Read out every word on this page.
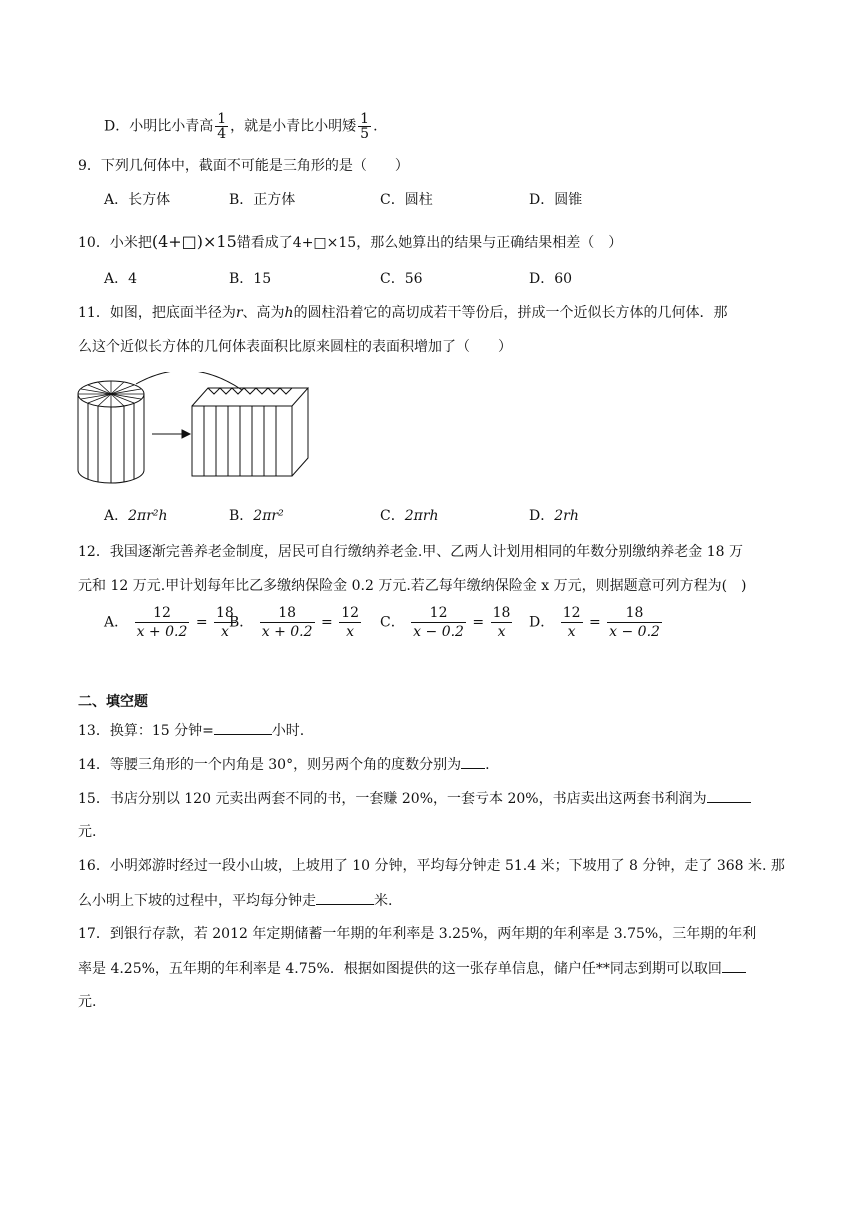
D．小明比小青高 $\frac{1}{4}$ ，就是小青比小明矮 $\frac{1}{5}$ .
9．下列几何体中，截面不可能是三角形的是（　　）
A．长方体	B．正方体	C．圆柱	D．圆锥
10．小米把(4+□)×15错看成了4+□×15，那么她算出的结果与正确结果相差（　）
A．4	B．15	C．56	D．60
11．如图，把底面半径为r、高为h的圆柱沿着它的高切成若干等份后，拼成一个近似长方体的几何体．那
么这个近似长方体的几何体表面积比原来圆柱的表面积增加了（　　）
A．2πr²h	B．2πr²	C．2πrh	D．2rh
12．我国逐渐完善养老金制度，居民可自行缴纳养老金.甲、乙两人计划用相同的年数分别缴纳养老金 18 万
元和 12 万元.甲计划每年比乙多缴纳保险金 0.2 万元.若乙每年缴纳保险金 x 万元，则据题意可列方程为(　)
A． $\frac{12}{x + 0.2} = \frac{18}{x}$
B． $\frac{18}{x + 0.2} = \frac{12}{x}$ C． $\frac{12}{x - 0.2} = \frac{18}{x}$ D． $\frac{12}{x} = \frac{18}{x - 0.2}$
二、填空题
13．换算：15 分钟=	小时.
14．等腰三角形的一个内角是 30°，则另两个角的度数分别为 .
15．书店分别以 120 元卖出两套不同的书，一套赚 20%，一套亏本 20%，书店卖出这两套书利润为
元.
16．小明郊游时经过一段小山坡，上坡用了 10 分钟，平均每分钟走 51.4 米；下坡用了 8 分钟，走了 368 米. 那
么小明上下坡的过程中，平均每分钟走	米.
17．到银行存款，若 2012 年定期储蓄一年期的年利率是 3.25%，两年期的年利率是 3.75%，三年期的年利
率是 4.25%，五年期的年利率是 4.75%．根据如图提供的这一张存单信息，储户任**同志到期可以取回
元.
